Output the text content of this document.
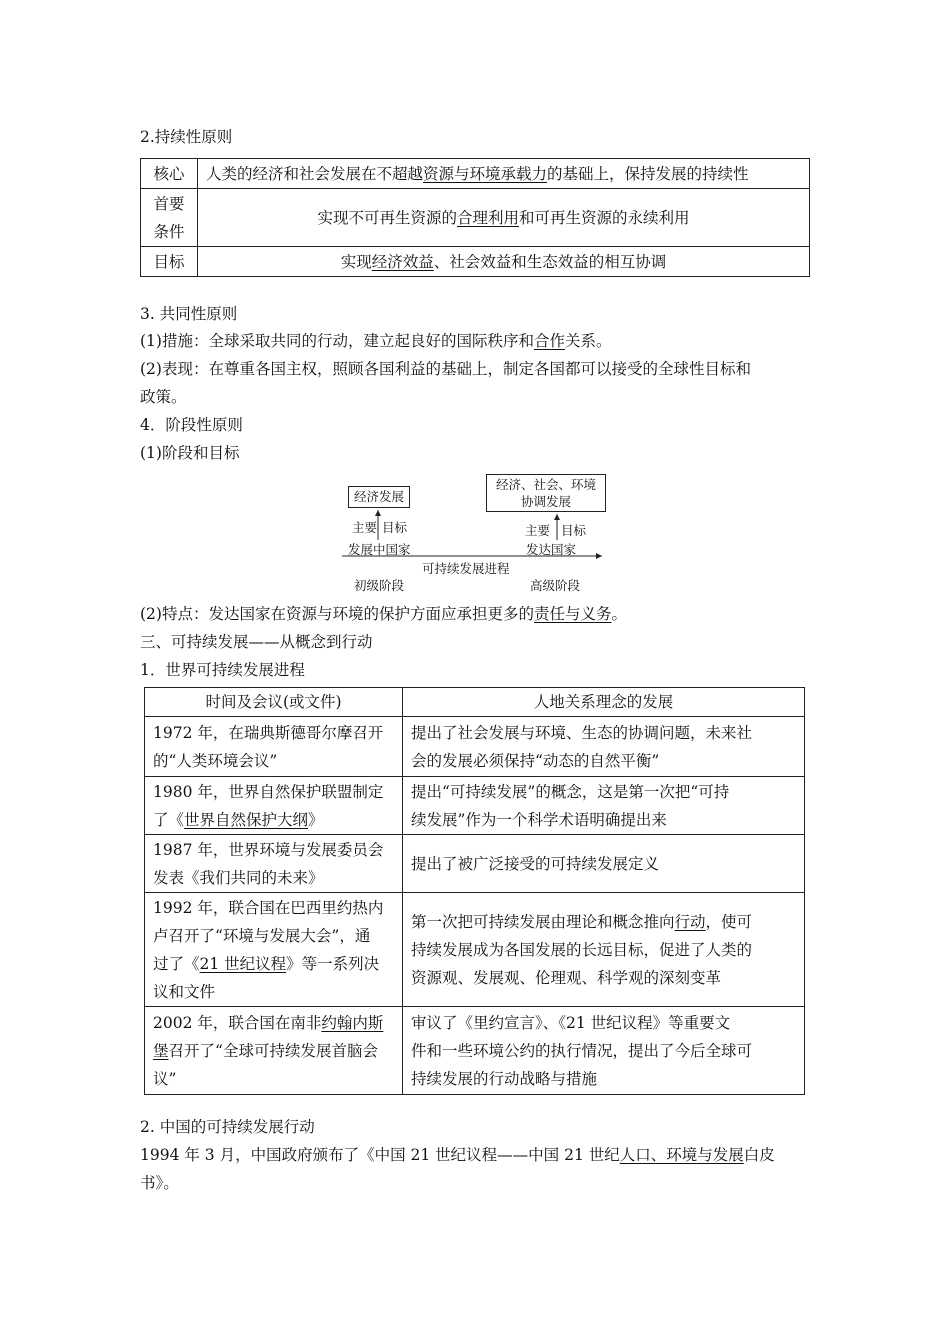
2.持续性原则
核心	人类的经济和社会发展在不超越资源与环境承载力的基础上，保持发展的持续性
首要
条件	实现不可再生资源的合理利用和可再生资源的永续利用
目标	实现经济效益、社会效益和生态效益的相互协调
3. 共同性原则
(1)措施：全球采取共同的行动，建立起良好的国际秩序和合作关系。
(2)表现：在尊重各国主权，照顾各国利益的基础上，制定各国都可以接受的全球性目标和
政策。
4．阶段性原则
(1)阶段和目标
经济发展
经济、社会、环境
协调发展
主要 目标	主要 目标
发展中国家	发达国家
可持续发展进程
初级阶段	高级阶段
(2)特点：发达国家在资源与环境的保护方面应承担更多的责任与义务。
三、可持续发展——从概念到行动
1．世界可持续发展进程
时间及会议(或文件)	人地关系理念的发展
1972 年，在瑞典斯德哥尔摩召开
的“人类环境会议”	提出了社会发展与环境、生态的协调问题，未来社
会的发展必须保持“动态的自然平衡”
1980 年，世界自然保护联盟制定
了《世界自然保护大纲》	提出“可持续发展”的概念，这是第一次把“可持
续发展”作为一个科学术语明确提出来
1987 年，世界环境与发展委员会
发表《我们共同的未来》	提出了被广泛接受的可持续发展定义
1992 年，联合国在巴西里约热内
卢召开了“环境与发展大会”，通
过了《21 世纪议程》等一系列决
议和文件	第一次把可持续发展由理论和概念推向行动，使可
持续发展成为各国发展的长远目标，促进了人类的
资源观、发展观、伦理观、科学观的深刻变革
2002 年，联合国在南非约翰内斯
堡召开了“全球可持续发展首脑会
议”	审议了《里约宣言》、《21 世纪议程》等重要文
件和一些环境公约的执行情况，提出了今后全球可
持续发展的行动战略与措施
2. 中国的可持续发展行动
1994 年 3 月，中国政府颁布了《中国 21 世纪议程——中国 21 世纪人口、环境与发展白皮
书》。
